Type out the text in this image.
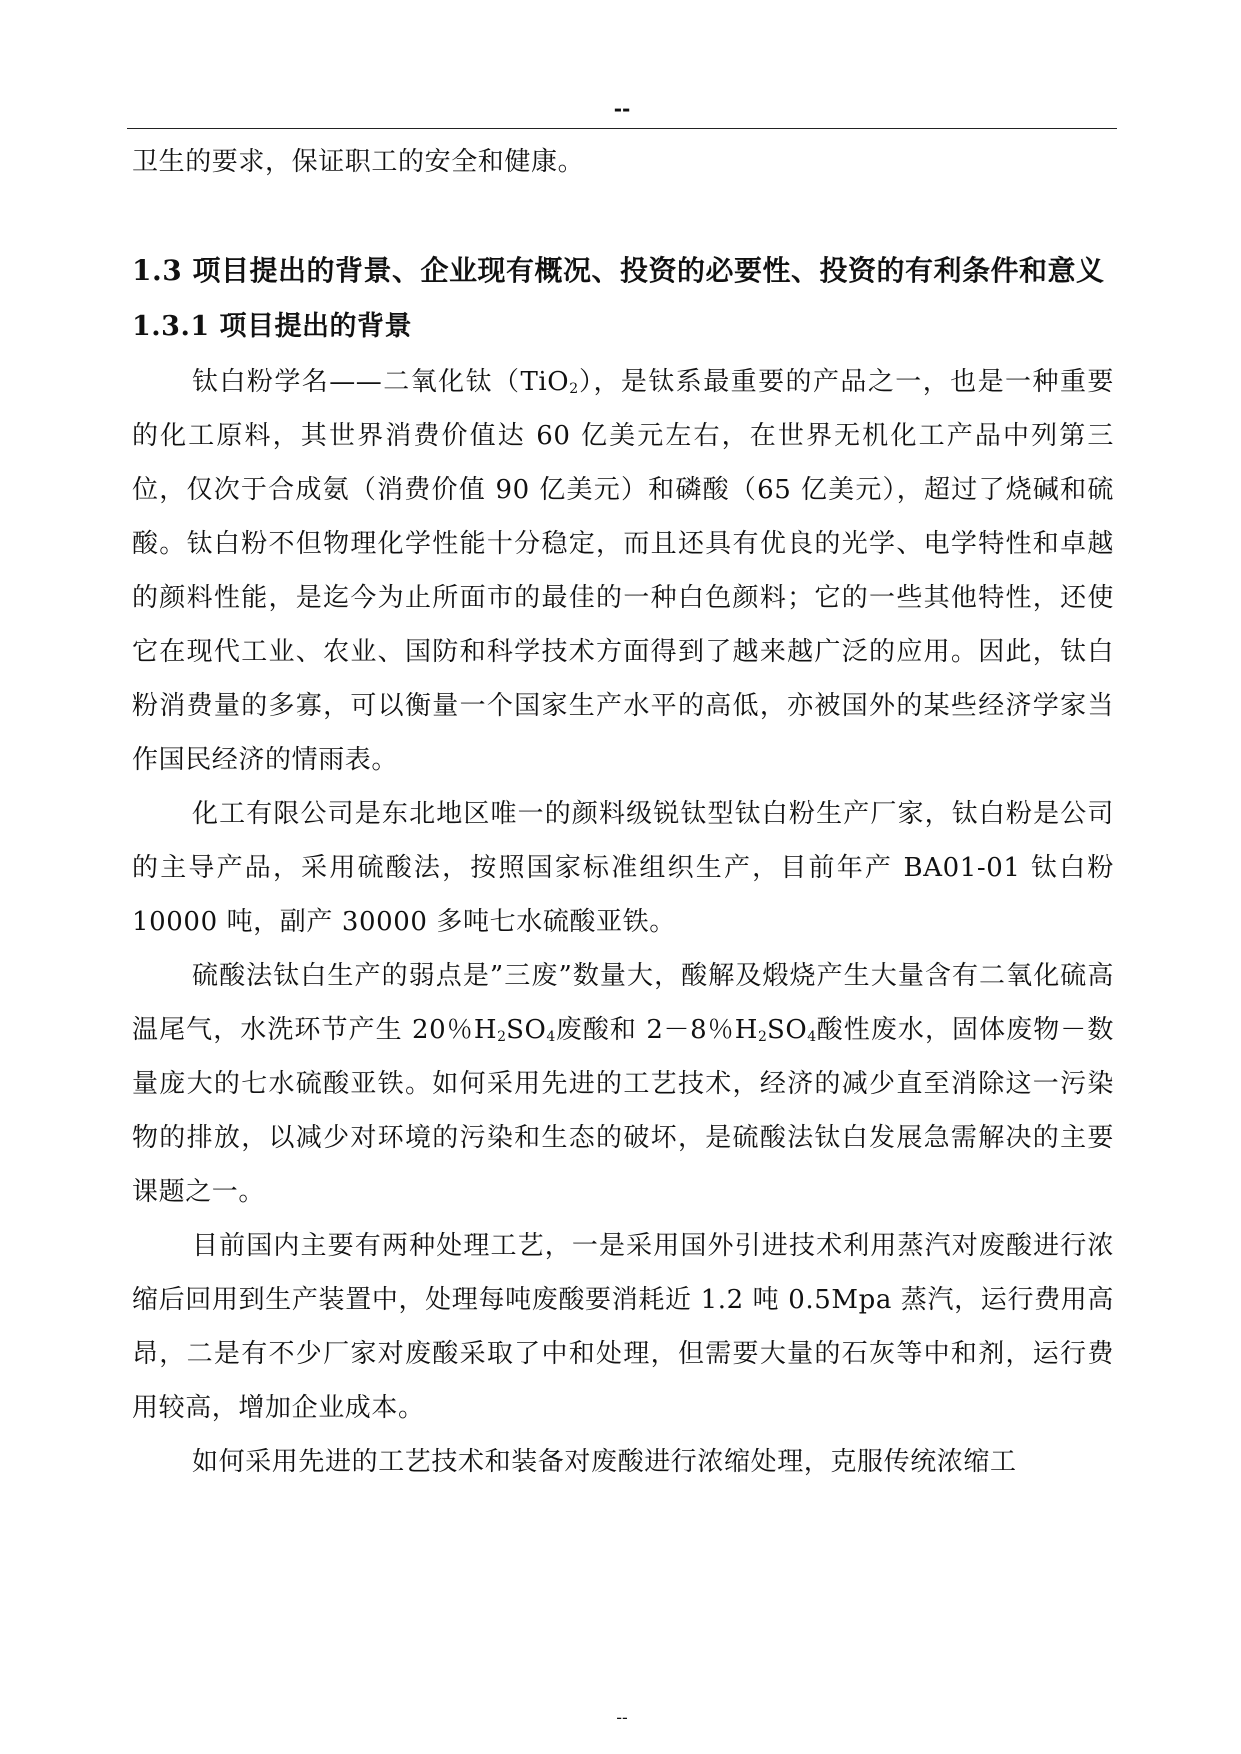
--

卫生的要求，保证职工的安全和健康。

1.3 项目提出的背景、企业现有概况、投资的必要性、投资的有利条件和意义
1.3.1 项目提出的背景

钛白粉学名——二氧化钛（TiO$_2$），是钛系最重要的产品之一，也是一种重要的化工原料，其世界消费价值达 60 亿美元左右，在世界无机化工产品中列第三位，仅次于合成氨（消费价值 90 亿美元）和磷酸（65 亿美元），超过了烧碱和硫酸。钛白粉不但物理化学性能十分稳定，而且还具有优良的光学、电学特性和卓越的颜料性能，是迄今为止所面市的最佳的一种白色颜料；它的一些其他特性，还使它在现代工业、农业、国防和科学技术方面得到了越来越广泛的应用。因此，钛白粉消费量的多寡，可以衡量一个国家生产水平的高低，亦被国外的某些经济学家当作国民经济的情雨表。

化工有限公司是东北地区唯一的颜料级锐钛型钛白粉生产厂家，钛白粉是公司的主导产品，采用硫酸法，按照国家标准组织生产，目前年产 BA01-01 钛白粉 10000 吨，副产 30000 多吨七水硫酸亚铁。

硫酸法钛白生产的弱点是”三废”数量大，酸解及煅烧产生大量含有二氧化硫高温尾气，水洗环节产生 20％$H_2SO_4$废酸和 2－8％$H_2SO_4$酸性废水，固体废物－数量庞大的七水硫酸亚铁。如何采用先进的工艺技术，经济的减少直至消除这一污染物的排放，以减少对环境的污染和生态的破坏，是硫酸法钛白发展急需解决的主要课题之一。

目前国内主要有两种处理工艺，一是采用国外引进技术利用蒸汽对废酸进行浓缩后回用到生产装置中，处理每吨废酸要消耗近 1.2 吨 0.5Mpa 蒸汽，运行费用高昂，二是有不少厂家对废酸采取了中和处理，但需要大量的石灰等中和剂，运行费用较高，增加企业成本。

如何采用先进的工艺技术和装备对废酸进行浓缩处理，克服传统浓缩工

--
